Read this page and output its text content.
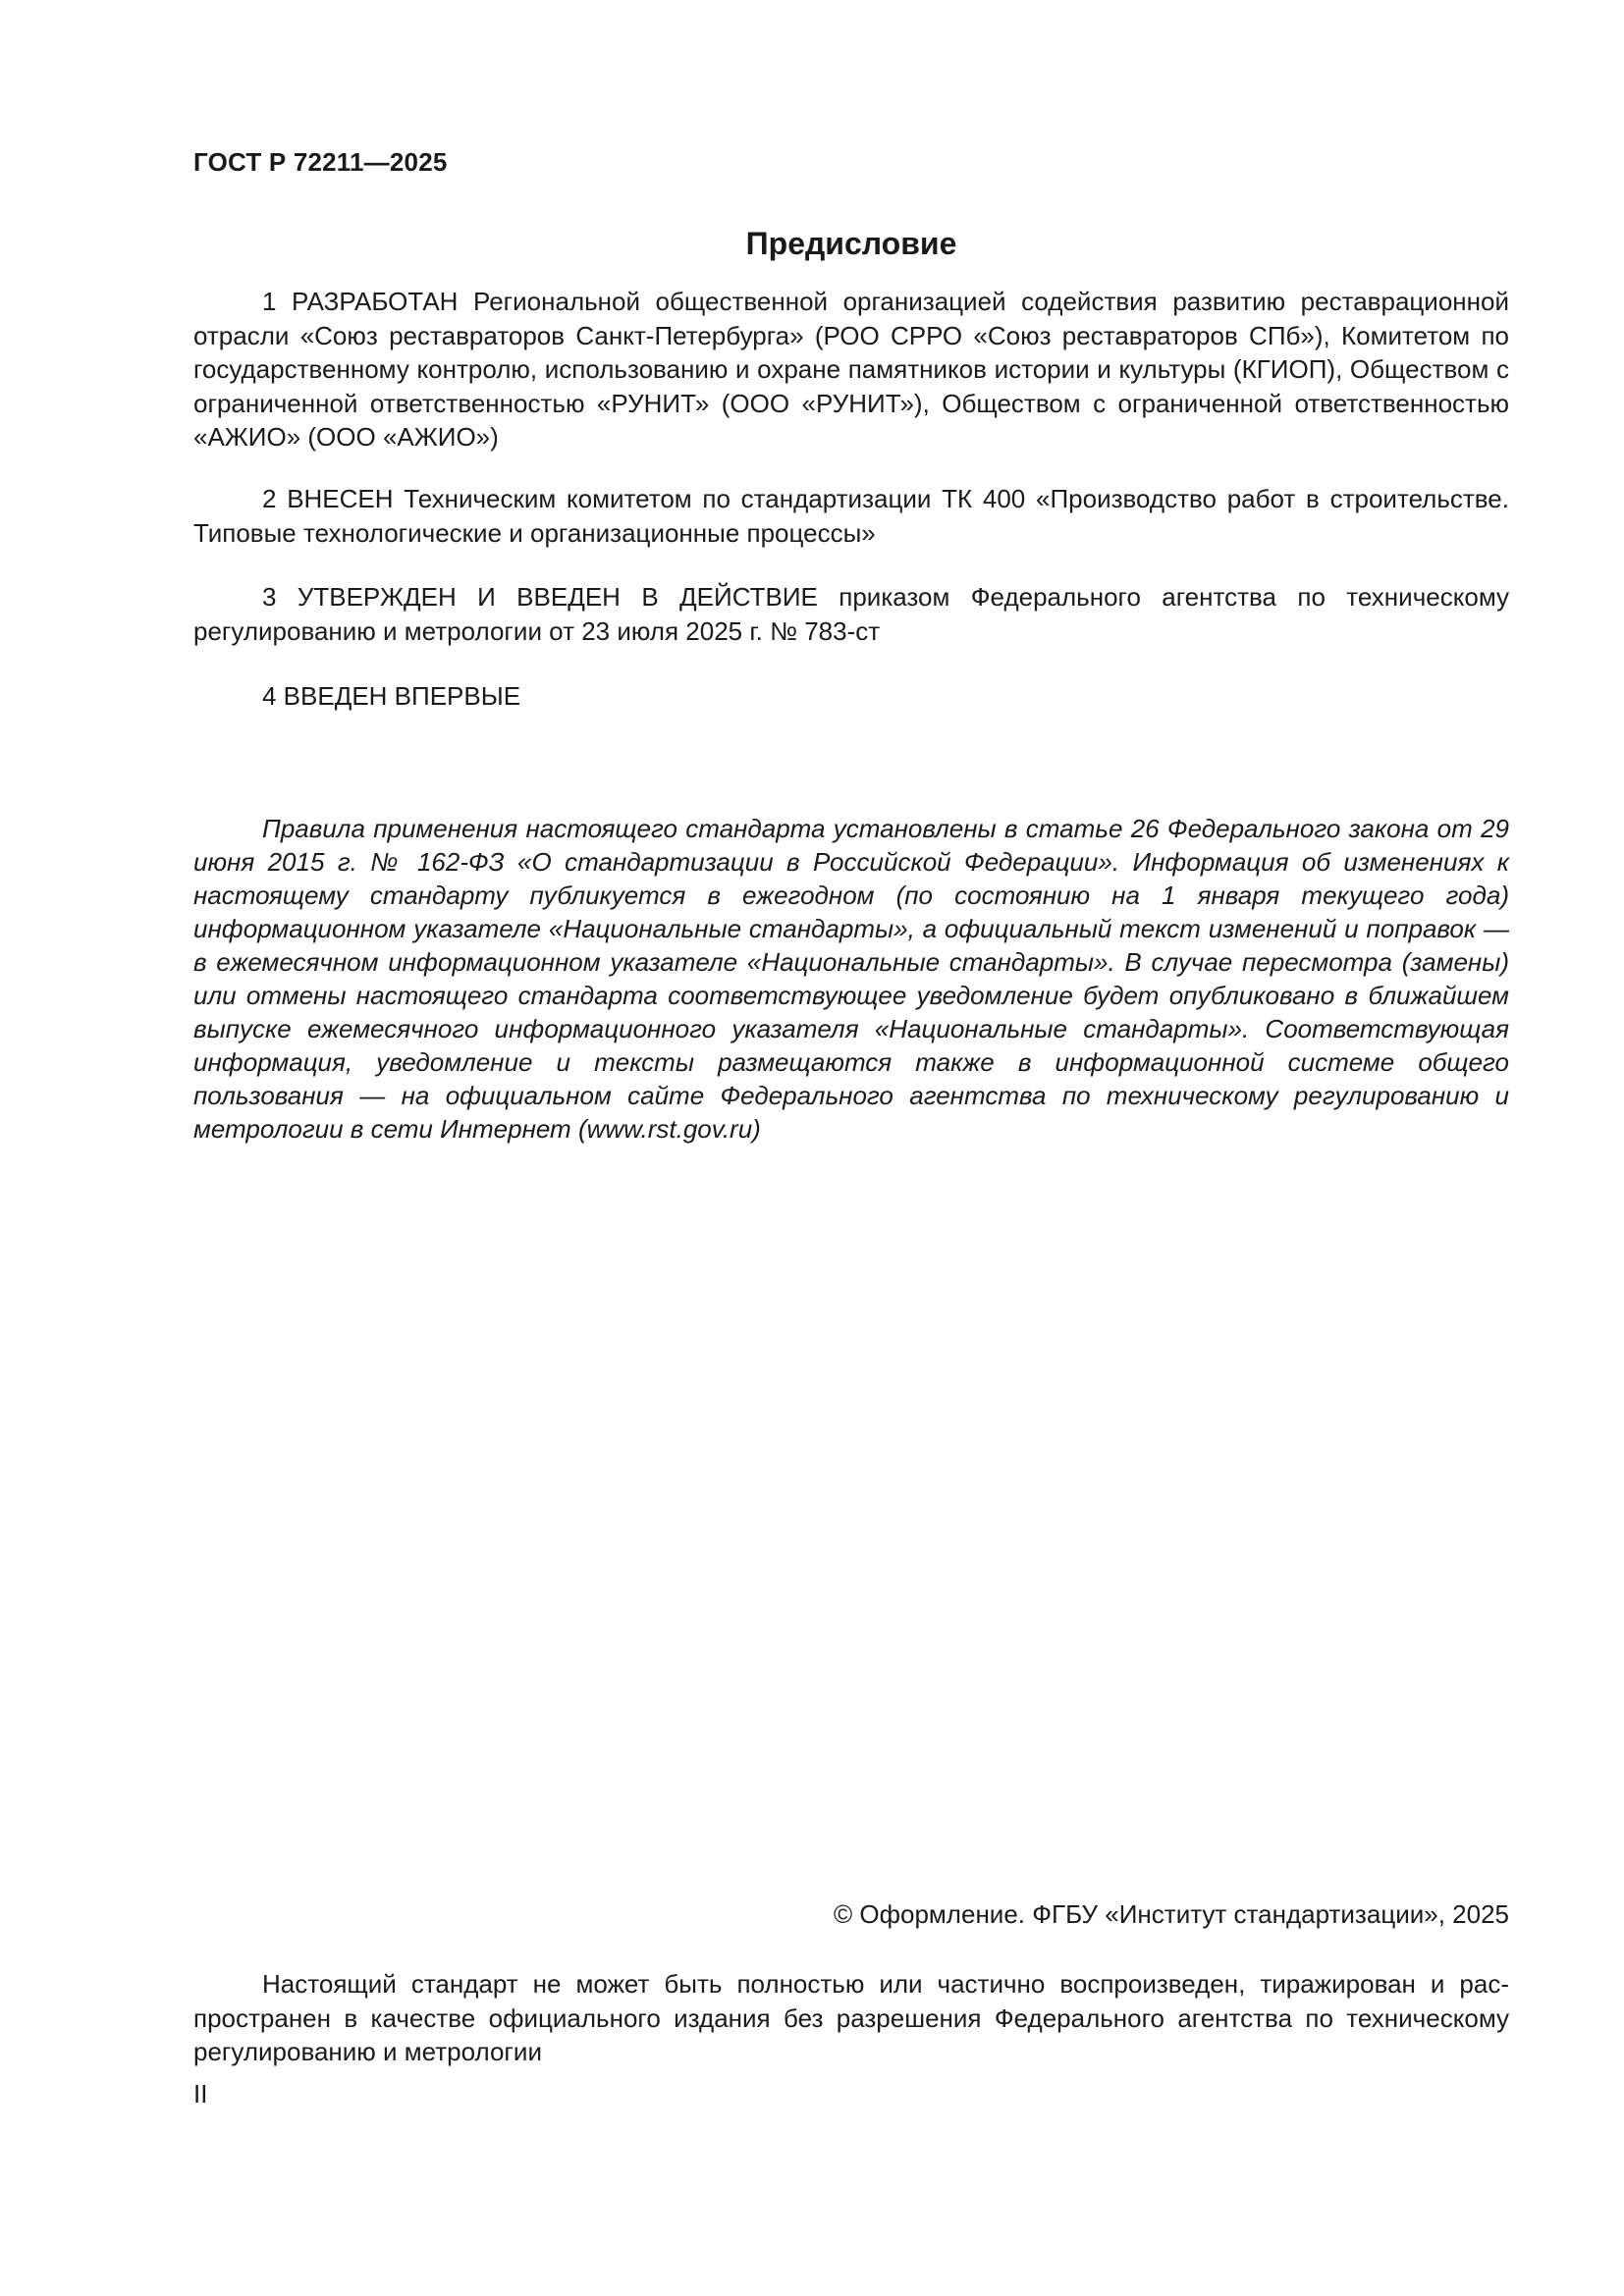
ГОСТ Р 72211—2025
Предисловие

1 РАЗРАБОТАН Региональной общественной организацией содействия развитию реставрационной отрасли «Союз реставраторов Санкт-Петербурга» (РОО СРРО «Союз реставраторов СПб»), Комитетом по государственному контролю, использованию и охране памятников истории и культуры (КГИОП), Обществом с ограниченной ответственностью «РУНИТ» (ООО «РУНИТ»), Обществом с ограниченной ответственностью «АЖИО» (ООО «АЖИО»)

2 ВНЕСЕН Техническим комитетом по стандартизации ТК 400 «Производство работ в строительстве. Типовые технологические и организационные процессы»

3 УТВЕРЖДЕН И ВВЕДЕН В ДЕЙСТВИЕ приказом Федерального агентства по техническому регулированию и метрологии от 23 июля 2025 г. № 783-ст

4 ВВЕДЕН ВПЕРВЫЕ

Правила применения настоящего стандарта установлены в статье 26 Федерального закона от 29 июня 2015 г. № 162-ФЗ «О стандартизации в Российской Федерации». Информация об изменениях к настоящему стандарту публикуется в ежегодном (по состоянию на 1 января текущего года) информационном указателе «Национальные стандарты», а официальный текст изменений и поправок — в ежемесячном информационном указателе «Национальные стандарты». В случае пересмотра (замены) или отмены настоящего стандарта соответствующее уведомление будет опубликовано в ближайшем выпуске ежемесячного информационного указателя «Национальные стандарты». Соответствующая информация, уведомление и тексты размещаются также в информационной системе общего пользования — на официальном сайте Федерального агентства по техническому регулированию и метрологии в сети Интернет (www.rst.gov.ru)

© Оформление. ФГБУ «Институт стандартизации», 2025

Настоящий стандарт не может быть полностью или частично воспроизведен, тиражирован и распространен в качестве официального издания без разрешения Федерального агентства по техническому регулированию и метрологии

II
